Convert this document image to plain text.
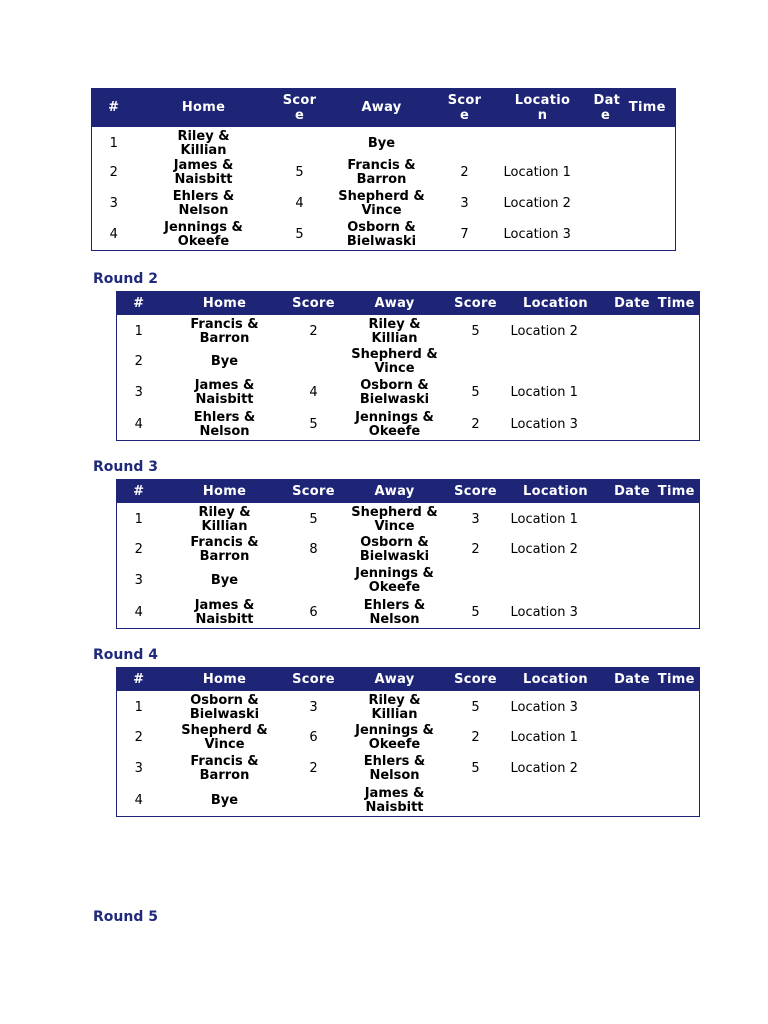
#	Home	Scor
e	Away	Scor
e	Locatio
n	Dat
e	Time
1	Riley &
Killian		Bye				
2	James &
Naisbitt	5	Francis &
Barron	2	Location 1		
3	Ehlers &
Nelson	4	Shepherd &
Vince	3	Location 2		
4	Jennings &
Okeefe	5	Osborn &
Bielwaski	7	Location 3		
Round 2
#	Home	Score	Away	Score	Location	Date	Time
1	Francis &
Barron	2	Riley &
Killian	5	Location 2		
2	Bye		Shepherd &
Vince				

3	James &
Naisbitt	4	Osborn &
Bielwaski	5	Location 1		
4	Ehlers &
Nelson	5	Jennings &
Okeefe	2	Location 3		
Round 3
#	Home	Score	Away	Score	Location	Date	Time
1	Riley &
Killian	5	Shepherd &
Vince	3	Location 1		
2	Francis &
Barron	8	Osborn &
Bielwaski	2	Location 2		
3	Bye		Jennings &
Okeefe				

4	James &
Naisbitt	6	Ehlers &
Nelson	5	Location 3		
Round 4
#	Home	Score	Away	Score	Location	Date	Time
1	Osborn &
Bielwaski	3	Riley &
Killian	5	Location 3		
2	Shepherd &
Vince	6	Jennings &
Okeefe	2	Location 1		
3	Francis &
Barron	2	Ehlers &
Nelson	5	Location 2		
4	Bye		James &
Naisbitt				

Round 5
